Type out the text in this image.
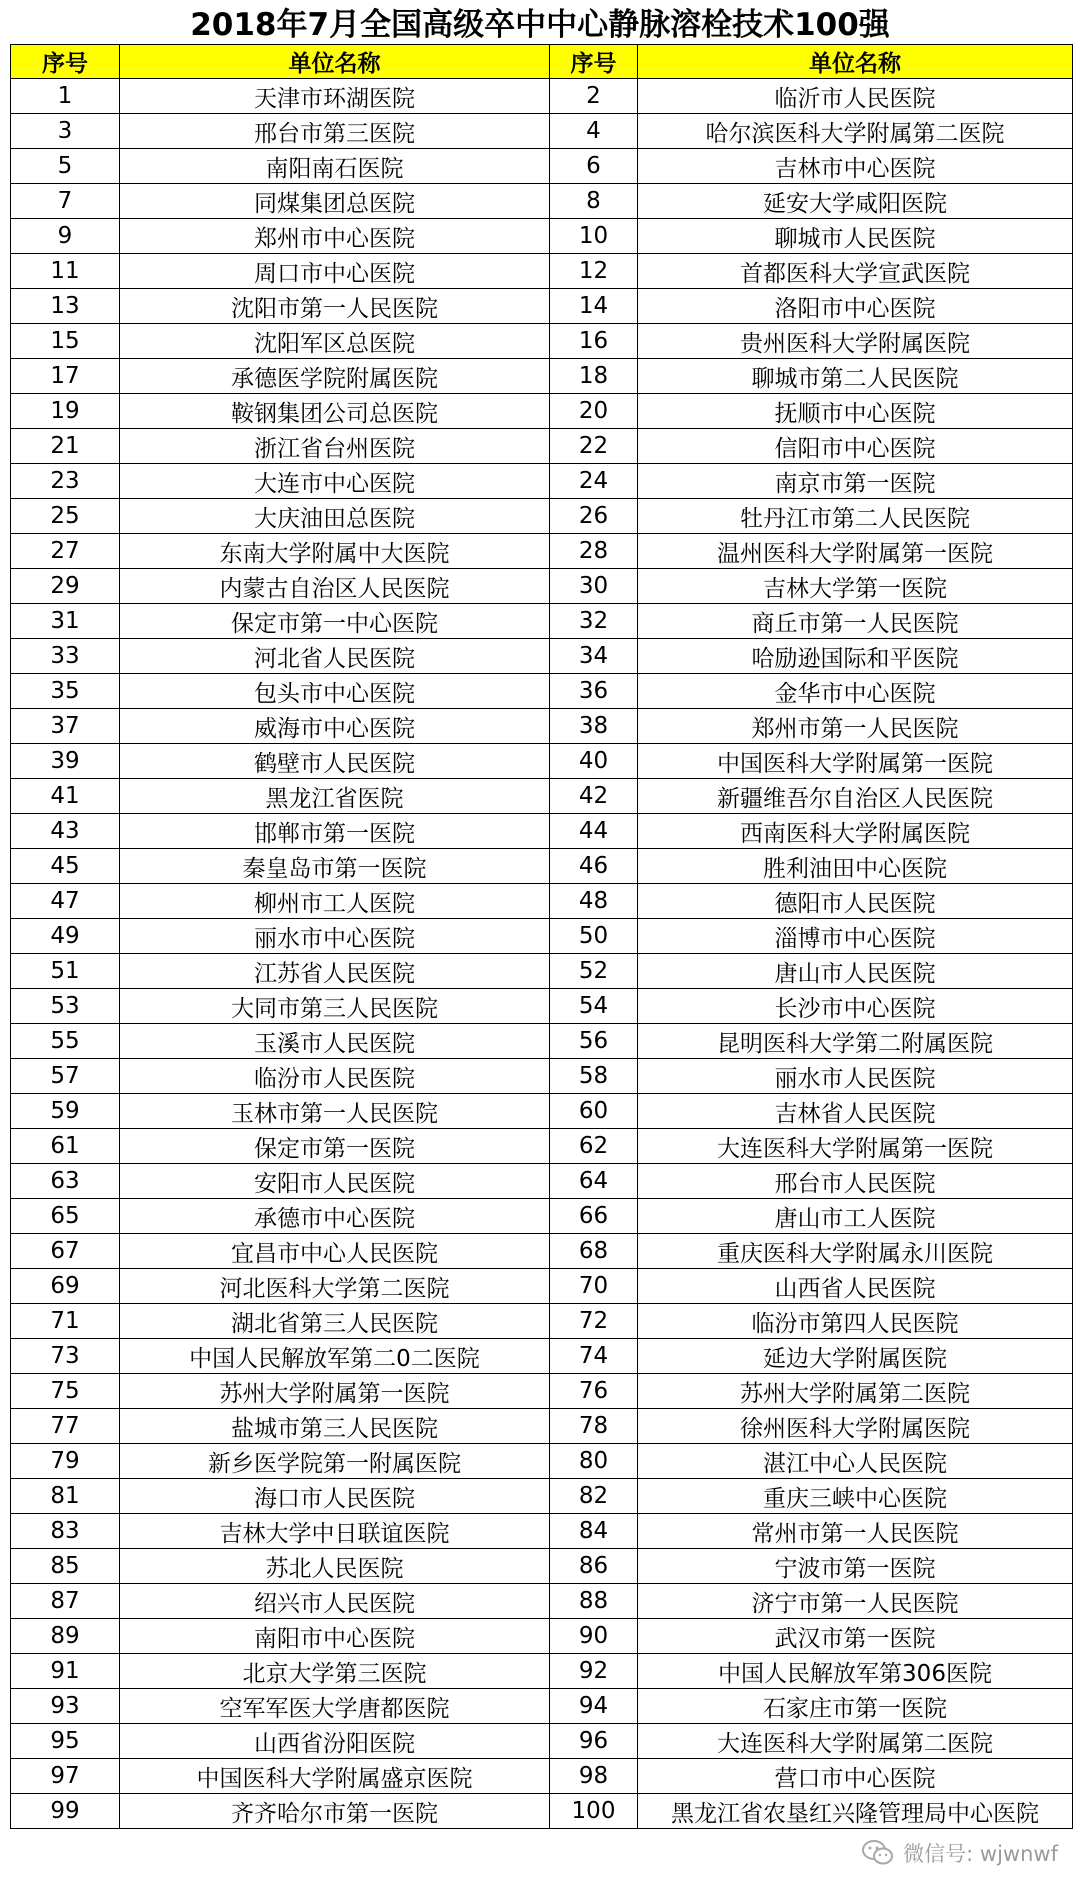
2018年7月全国高级卒中中心静脉溶栓技术100强
序号	单位名称	序号	单位名称
1	天津市环湖医院	2	临沂市人民医院
3	邢台市第三医院	4	哈尔滨医科大学附属第二医院
5	南阳南石医院	6	吉林市中心医院
7	同煤集团总医院	8	延安大学咸阳医院
9	郑州市中心医院	10	聊城市人民医院
11	周口市中心医院	12	首都医科大学宣武医院
13	沈阳市第一人民医院	14	洛阳市中心医院
15	沈阳军区总医院	16	贵州医科大学附属医院
17	承德医学院附属医院	18	聊城市第二人民医院
19	鞍钢集团公司总医院	20	抚顺市中心医院
21	浙江省台州医院	22	信阳市中心医院
23	大连市中心医院	24	南京市第一医院
25	大庆油田总医院	26	牡丹江市第二人民医院
27	东南大学附属中大医院	28	温州医科大学附属第一医院
29	内蒙古自治区人民医院	30	吉林大学第一医院
31	保定市第一中心医院	32	商丘市第一人民医院
33	河北省人民医院	34	哈励逊国际和平医院
35	包头市中心医院	36	金华市中心医院
37	威海市中心医院	38	郑州市第一人民医院
39	鹤壁市人民医院	40	中国医科大学附属第一医院
41	黑龙江省医院	42	新疆维吾尔自治区人民医院
43	邯郸市第一医院	44	西南医科大学附属医院
45	秦皇岛市第一医院	46	胜利油田中心医院
47	柳州市工人医院	48	德阳市人民医院
49	丽水市中心医院	50	淄博市中心医院
51	江苏省人民医院	52	唐山市人民医院
53	大同市第三人民医院	54	长沙市中心医院
55	玉溪市人民医院	56	昆明医科大学第二附属医院
57	临汾市人民医院	58	丽水市人民医院
59	玉林市第一人民医院	60	吉林省人民医院
61	保定市第一医院	62	大连医科大学附属第一医院
63	安阳市人民医院	64	邢台市人民医院
65	承德市中心医院	66	唐山市工人医院
67	宜昌市中心人民医院	68	重庆医科大学附属永川医院
69	河北医科大学第二医院	70	山西省人民医院
71	湖北省第三人民医院	72	临汾市第四人民医院
73	中国人民解放军第二0二医院	74	延边大学附属医院
75	苏州大学附属第一医院	76	苏州大学附属第二医院
77	盐城市第三人民医院	78	徐州医科大学附属医院
79	新乡医学院第一附属医院	80	湛江中心人民医院
81	海口市人民医院	82	重庆三峡中心医院
83	吉林大学中日联谊医院	84	常州市第一人民医院
85	苏北人民医院	86	宁波市第一医院
87	绍兴市人民医院	88	济宁市第一人民医院
89	南阳市中心医院	90	武汉市第一医院
91	北京大学第三医院	92	中国人民解放军第306医院
93	空军军医大学唐都医院	94	石家庄市第一医院
95	山西省汾阳医院	96	大连医科大学附属第二医院
97	中国医科大学附属盛京医院	98	营口市中心医院
99	齐齐哈尔市第一医院	100	黑龙江省农垦红兴隆管理局中心医院
微信号: wjwnwf
